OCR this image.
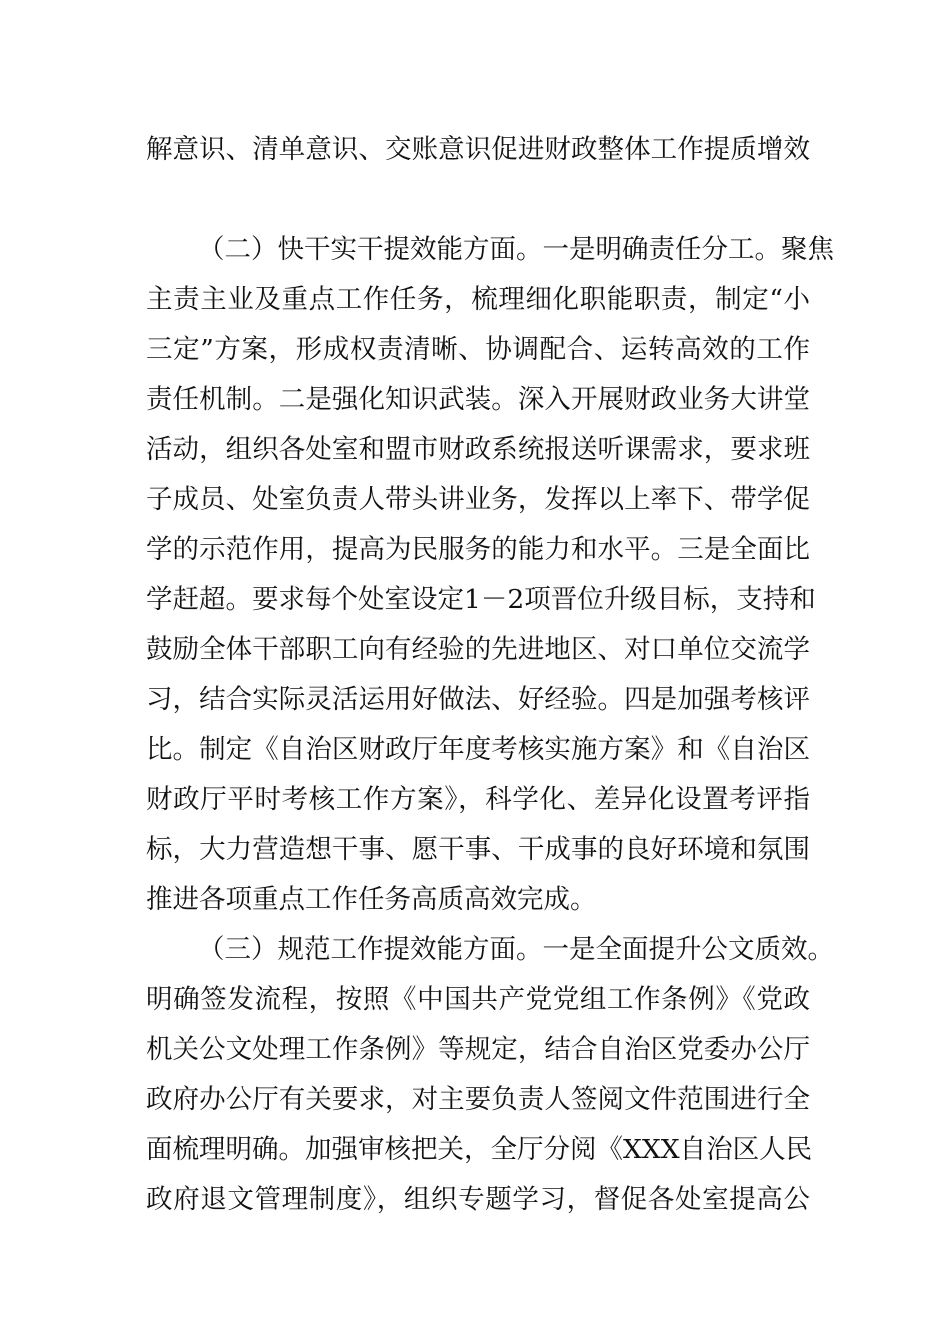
解意识、清单意识、交账意识促进财政整体工作提质增效
（二）快干实干提效能方面。一是明确责任分工。聚焦
主责主业及重点工作任务，梳理细化职能职责，制定“小
三定”方案，形成权责清晰、协调配合、运转高效的工作
责任机制。二是强化知识武装。深入开展财政业务大讲堂
活动，组织各处室和盟市财政系统报送听课需求，要求班
子成员、处室负责人带头讲业务，发挥以上率下、带学促
学的示范作用，提高为民服务的能力和水平。三是全面比
学赶超。要求每个处室设定1－2项晋位升级目标，支持和
鼓励全体干部职工向有经验的先进地区、对口单位交流学
习，结合实际灵活运用好做法、好经验。四是加强考核评
比。制定《自治区财政厅年度考核实施方案》和《自治区
财政厅平时考核工作方案》，科学化、差异化设置考评指
标，大力营造想干事、愿干事、干成事的良好环境和氛围
推进各项重点工作任务高质高效完成。
（三）规范工作提效能方面。一是全面提升公文质效。
明确签发流程，按照《中国共产党党组工作条例》《党政
机关公文处理工作条例》等规定，结合自治区党委办公厅
政府办公厅有关要求，对主要负责人签阅文件范围进行全
面梳理明确。加强审核把关，全厅分阅《XXX自治区人民
政府退文管理制度》，组织专题学习，督促各处室提高公
